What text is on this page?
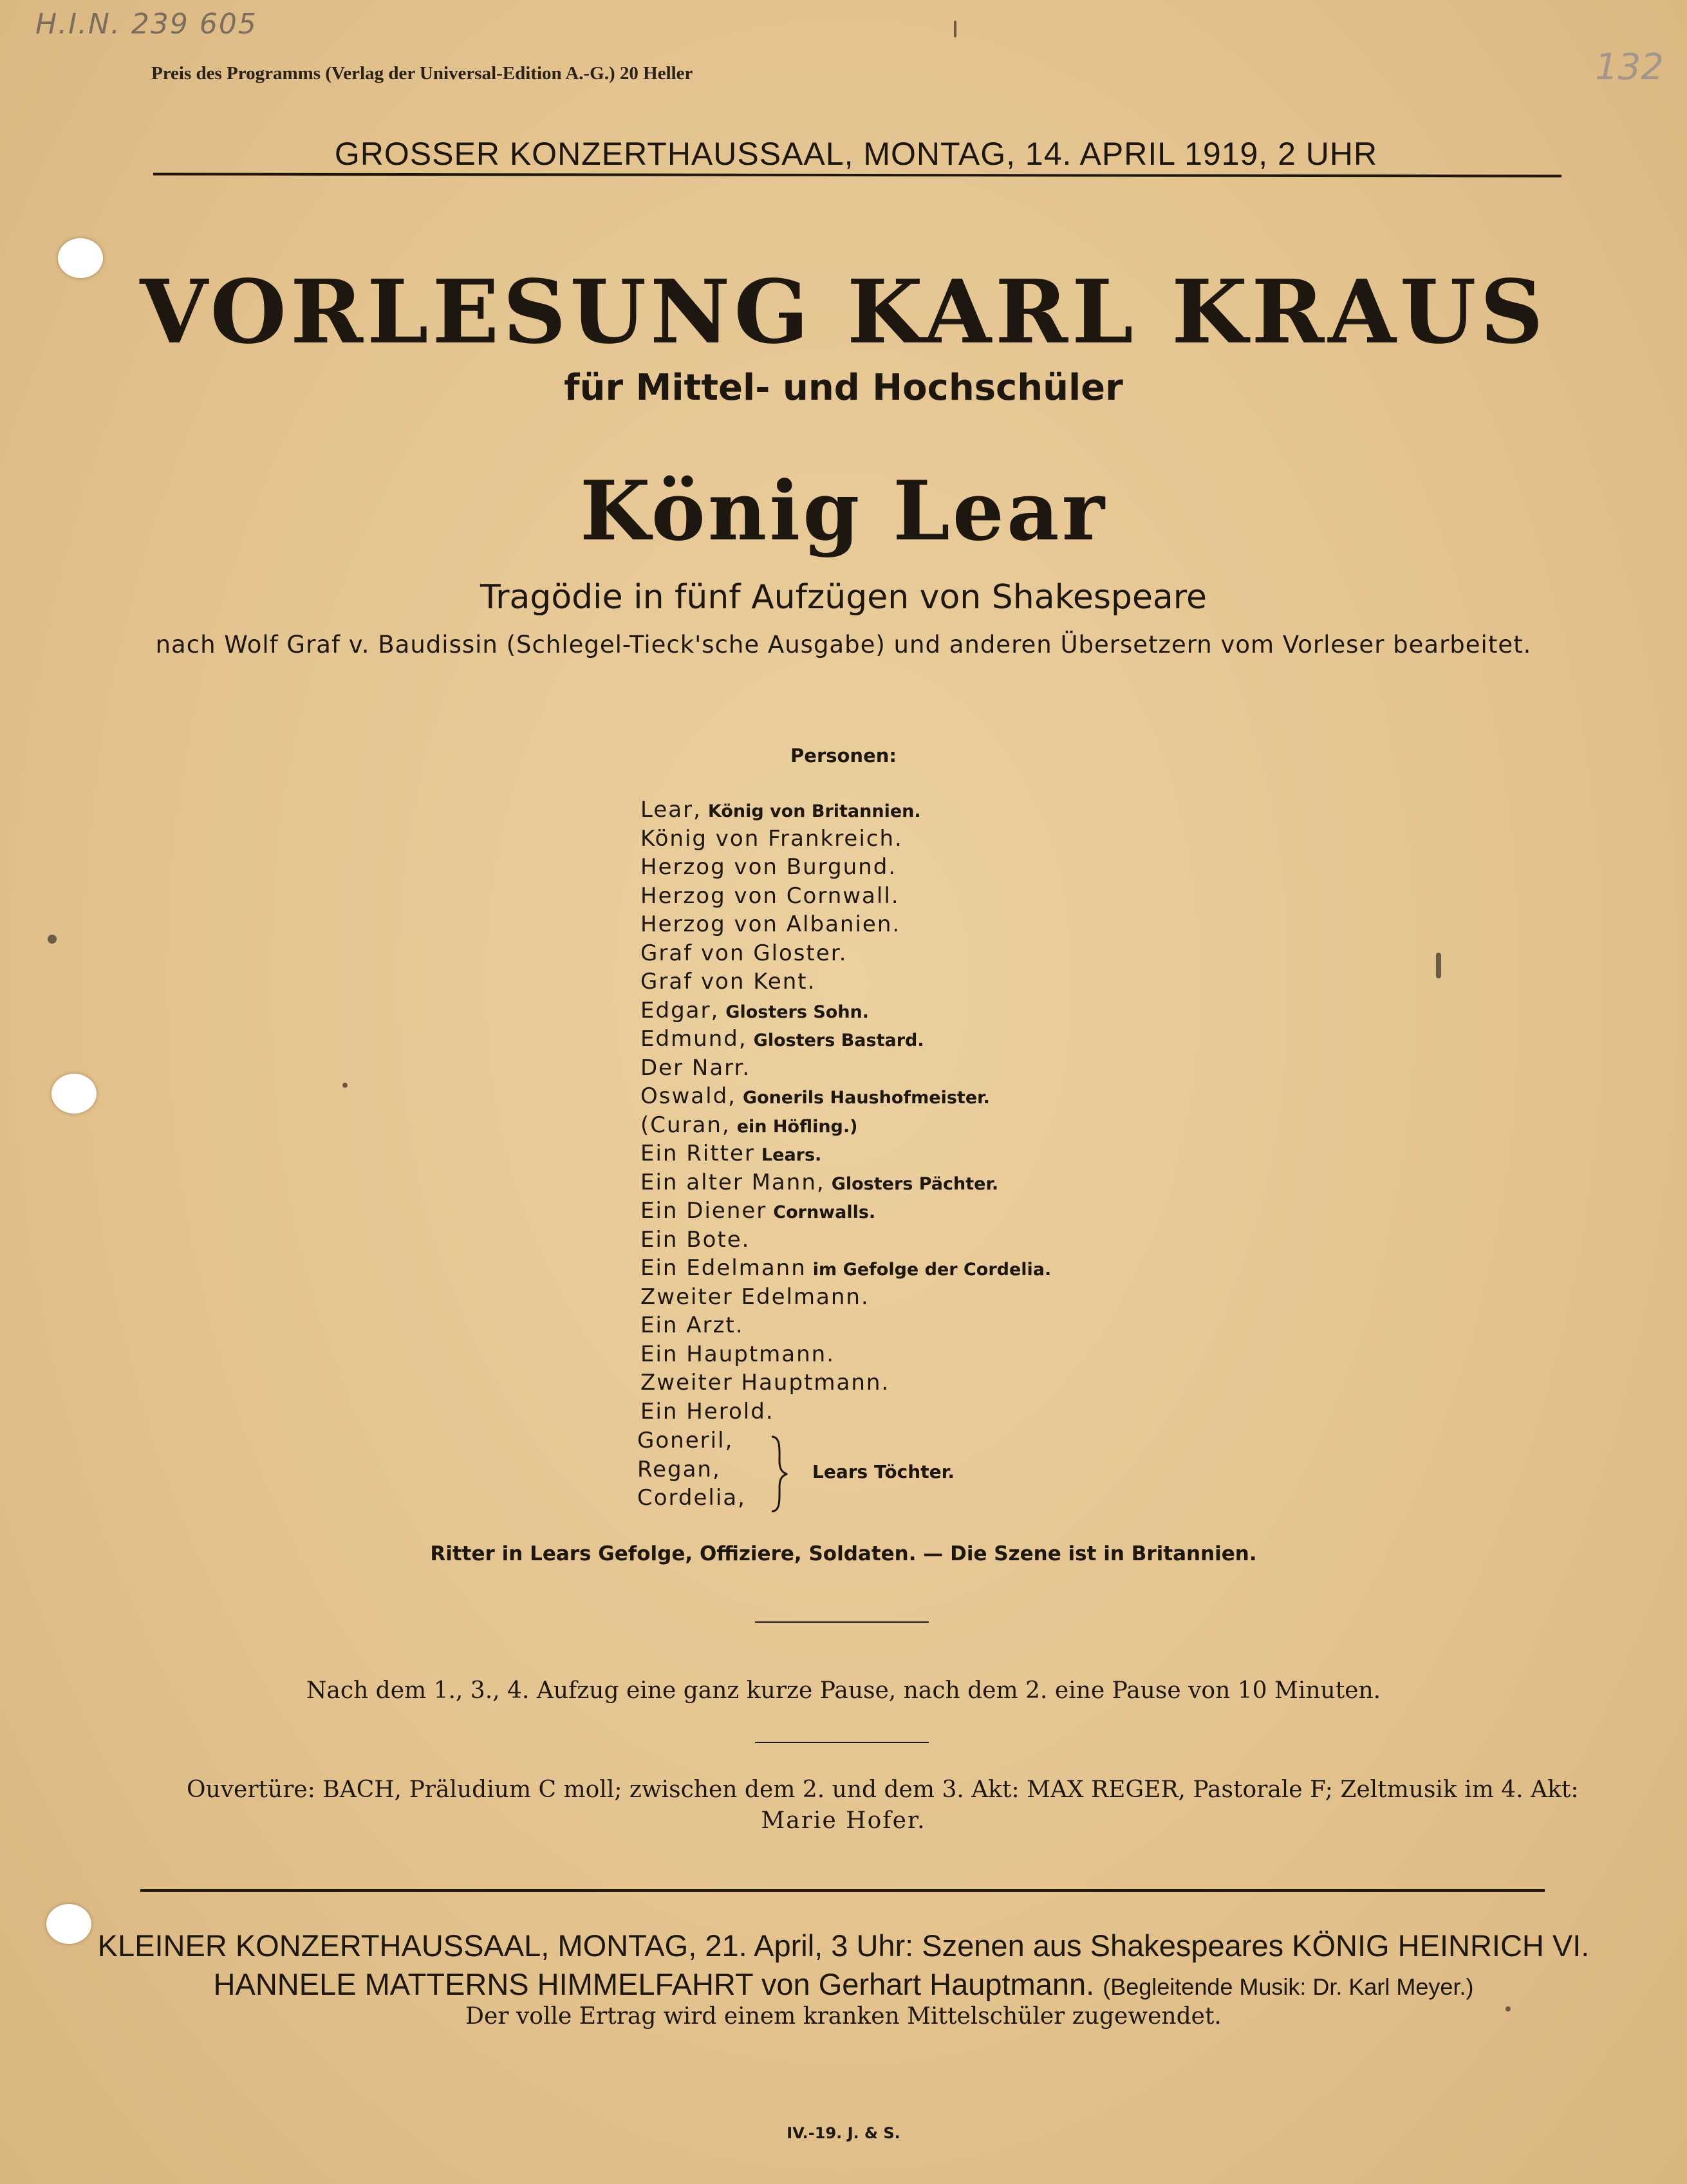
H.I.N. 239 605
132
Preis des Programms (Verlag der Universal-Edition A.-G.) 20 Heller
GROSSER KONZERTHAUSSAAL, MONTAG, 14. APRIL 1919, 2 UHR
VORLESUNG KARL KRAUS
für Mittel- und Hochschüler
König Lear
Tragödie in fünf Aufzügen von Shakespeare
nach Wolf Graf v. Baudissin (Schlegel-Tieck'sche Ausgabe) und anderen Übersetzern vom Vorleser bearbeitet.
Personen:
Lear, König von Britannien.
König von Frankreich.
Herzog von Burgund.
Herzog von Cornwall.
Herzog von Albanien.
Graf von Gloster.
Graf von Kent.
Edgar, Glosters Sohn.
Edmund, Glosters Bastard.
Der Narr.
Oswald, Gonerils Haushofmeister.
(Curan, ein Höfling.)
Ein Ritter Lears.
Ein alter Mann, Glosters Pächter.
Ein Diener Cornwalls.
Ein Bote.
Ein Edelmann im Gefolge der Cordelia.
Zweiter Edelmann.
Ein Arzt.
Ein Hauptmann.
Zweiter Hauptmann.
Ein Herold.
Goneril,
Regan,
Cordelia,
Lears Töchter.
Ritter in Lears Gefolge, Offiziere, Soldaten. — Die Szene ist in Britannien.
Nach dem 1., 3., 4. Aufzug eine ganz kurze Pause, nach dem 2. eine Pause von 10 Minuten.
Ouvertüre: BACH, Präludium C moll; zwischen dem 2. und dem 3. Akt: MAX REGER, Pastorale F; Zeltmusik im 4. Akt:
Marie Hofer.
KLEINER KONZERTHAUSSAAL, MONTAG, 21. April, 3 Uhr: Szenen aus Shakespeares KÖNIG HEINRICH VI.
HANNELE MATTERNS HIMMELFAHRT von Gerhart Hauptmann. (Begleitende Musik: Dr. Karl Meyer.)
Der volle Ertrag wird einem kranken Mittelschüler zugewendet.
IV.-19. J. & S.
